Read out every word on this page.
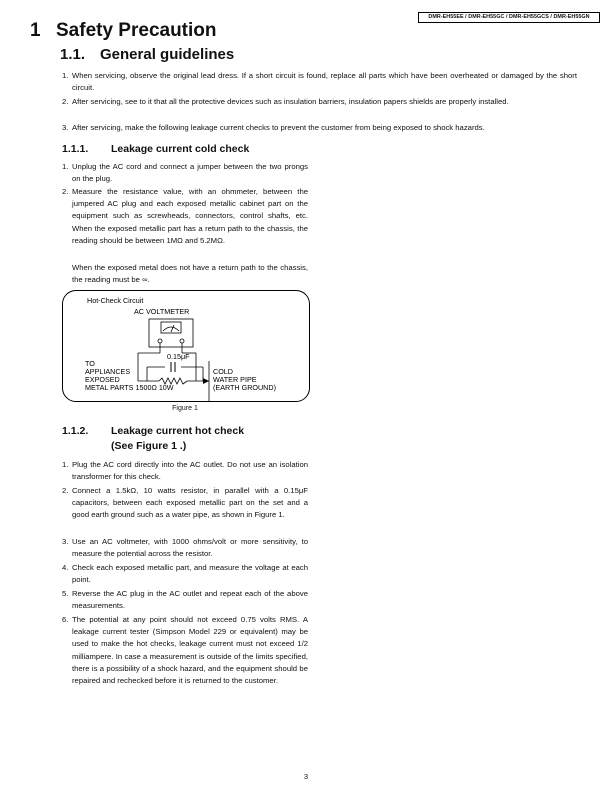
DMR-EH55EE / DMR-EH55GC / DMR-EH55GCS / DMR-EH55GN
1 Safety Precaution
1.1. General guidelines
1. When servicing, observe the original lead dress. If a short circuit is found, replace all parts which have been overheated or damaged by the short circuit.
2. After servicing, see to it that all the protective devices such as insulation barriers, insulation papers shields are properly installed.
3. After servicing, make the following leakage current checks to prevent the customer from being exposed to shock hazards.
1.1.1. Leakage current cold check
1. Unplug the AC cord and connect a jumper between the two prongs on the plug.
2. Measure the resistance value, with an ohmmeter, between the jumpered AC plug and each exposed metallic cabinet part on the equipment such as screwheads, connectors, control shafts, etc. When the exposed metallic part has a return path to the chassis, the reading should be between 1MΩ and 5.2MΩ.
When the exposed metal does not have a return path to the chassis, the reading must be ∞.
Hot-Check Circuit
AC VOLTMETER
0.15μF
TO
APPLIANCES
EXPOSED
METAL PARTS 1500Ω 10W
COLD
WATER PIPE
(EARTH GROUND)
Figure 1
1.1.2. Leakage current hot check
(See Figure 1 .)
1. Plug the AC cord directly into the AC outlet. Do not use an isolation transformer for this check.
2. Connect a 1.5kΩ, 10 watts resistor, in parallel with a 0.15μF capacitors, between each exposed metallic part on the set and a good earth ground such as a water pipe, as shown in Figure 1.
3. Use an AC voltmeter, with 1000 ohms/volt or more sensitivity, to measure the potential across the resistor.
4. Check each exposed metallic part, and measure the voltage at each point.
5. Reverse the AC plug in the AC outlet and repeat each of the above measurements.
6. The potential at any point should not exceed 0.75 volts RMS. A leakage current tester (Simpson Model 229 or equivalent) may be used to make the hot checks, leakage current must not exceed 1/2 milliampere. In case a measurement is outside of the limits specified, there is a possibility of a shock hazard, and the equipment should be repaired and rechecked before it is returned to the customer.
3
